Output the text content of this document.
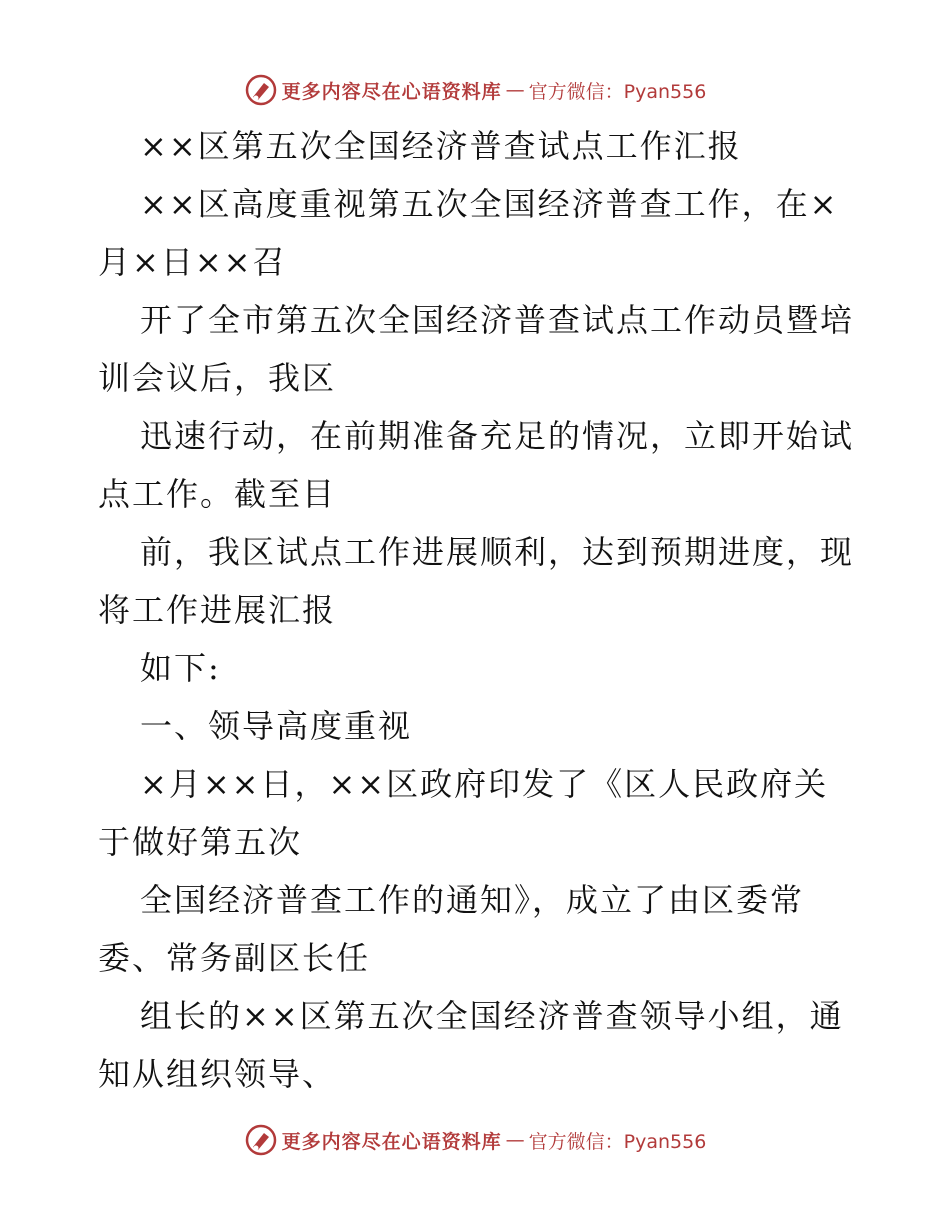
更多内容尽在心语资料库 — 官方微信：Pyan556
××区第五次全国经济普查试点工作汇报
××区高度重视第五次全国经济普查工作，在×
月×日××召
开了全市第五次全国经济普查试点工作动员暨培
训会议后，我区
迅速行动，在前期准备充足的情况，立即开始试
点工作。截至目
前，我区试点工作进展顺利，达到预期进度，现
将工作进展汇报
如下:
一、领导高度重视
×月××日，××区政府印发了《区人民政府关
于做好第五次
全国经济普查工作的通知》，成立了由区委常
委、常务副区长任
组长的××区第五次全国经济普查领导小组，通
知从组织领导、
更多内容尽在心语资料库 — 官方微信：Pyan556
